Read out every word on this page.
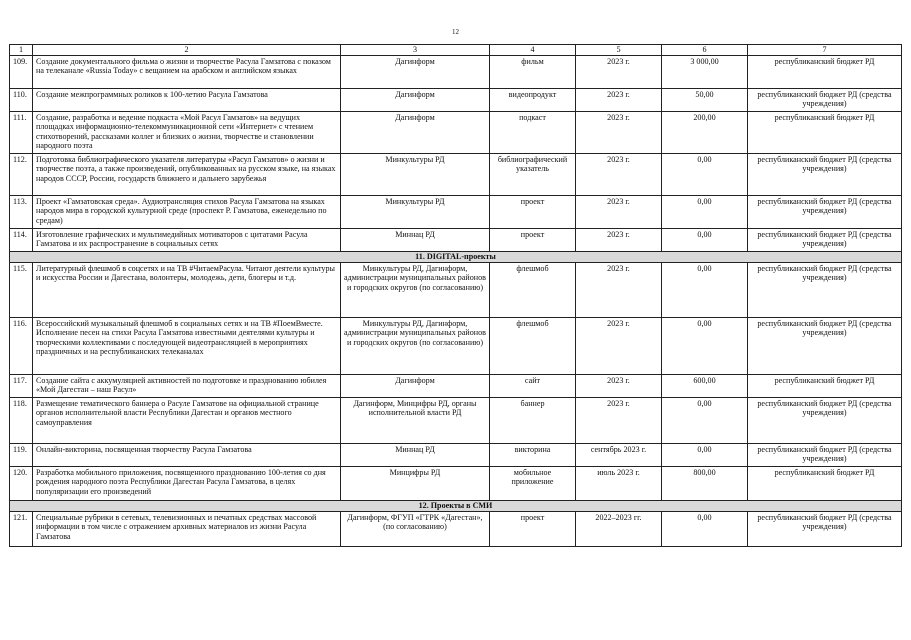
12
1	2	3	4	5	6	7
109.	Создание документального фильма о жизни и творчестве Расула Гамзатова с показом на телеканале «Russia Today» с вещанием на арабском и английском языках	Дагинформ	фильм	2023 г.	3 000,00	республиканский бюджет РД
110.	Создание межпрограммных роликов к 100-летию Расула Гамзатова	Дагинформ	видеопродукт	2023 г.	50,00	республиканский бюджет РД (средства учреждения)
111.	Создание, разработка и ведение подкаста «Мой Расул Гамзатов» на ведущих площадках информационно-телекоммуникационной сети «Интернет» с чтением стихотворений, рассказами коллег и близких о жизни, творчестве и становлении народного поэта	Дагинформ	подкаст	2023 г.	200,00	республиканский бюджет РД
112.	Подготовка библиографического указателя литературы «Расул Гамзатов» о жизни и творчестве поэта, а также произведений, опубликованных на русском языке, на языках народов СССР, России, государств ближнего и дальнего зарубежья	Минкультуры РД	библиографический указатель	2023 г.	0,00	республиканский бюджет РД (средства учреждения)
113.	Проект «Гамзатовская среда». Аудиотрансляция стихов Расула Гамзатова на языках народов мира в городской культурной среде (проспект Р. Гамзатова, еженедельно по средам)	Минкультуры РД	проект	2023 г.	0,00	республиканский бюджет РД (средства учреждения)
114.	Изготовление графических и мультимедийных мотиваторов с цитатами Расула Гамзатова и их распространение в социальных сетях	Миннац РД	проект	2023 г.	0,00	республиканский бюджет РД (средства учреждения)
11. DIGITAL-проекты						
115.	Литературный флешмоб в соцсетях и на ТВ #ЧитаемРасула. Читают деятели культуры и искусства России и Дагестана, волонтеры, молодежь, дети, блогеры и т.д.	Минкультуры РД, Дагинформ, администрации муниципальных районов и городских округов (по согласованию)	флешмоб	2023 г.	0,00	республиканский бюджет РД (средства учреждения)
116.	Всероссийский музыкальный флешмоб в социальных сетях и на ТВ #ПоемВместе. Исполнение песен на стихи Расула Гамзатова известными деятелями культуры и творческими коллективами с последующей видеотрансляцией в мероприятиях праздничных и на республиканских телеканалах	Минкультуры РД, Дагинформ, администрации муниципальных районов и городских округов (по согласованию)	флешмоб	2023 г.	0,00	республиканский бюджет РД (средства учреждения)
117.	Создание сайта с аккумуляцией активностей по подготовке и празднованию юбилея «Мой Дагестан – наш Расул»	Дагинформ	сайт	2023 г.	600,00	республиканский бюджет РД
118.	Размещение тематического баннера о Расуле Гамзатове на официальной странице органов исполнительной власти Республики Дагестан и органов местного самоуправления	Дагинформ, Минцифры РД, органы исполнительной власти РД	баннер	2023 г.	0,00	республиканский бюджет РД (средства учреждения)
119.	Онлайн-викторина, посвященная творчеству Расула Гамзатова	Миннац РД	викторина	сентябрь 2023 г.	0,00	республиканский бюджет РД (средства учреждения)
120.	Разработка мобильного приложения, посвященного празднованию 100-летия со дня рождения народного поэта Республики Дагестан Расула Гамзатова, в целях популяризации его произведений	Минцифры РД	мобильное приложение	июль 2023 г.	800,00	республиканский бюджет РД
12. Проекты в СМИ						
121.	Специальные рубрики в сетевых, телевизионных и печатных средствах массовой информации в том числе с отражением архивных материалов из жизни Расула Гамзатова	Дагинформ, ФГУП «ГТРК «Дагестан», (по согласованию)	проект	2022–2023 гг.	0,00	республиканский бюджет РД (средства учреждения)
